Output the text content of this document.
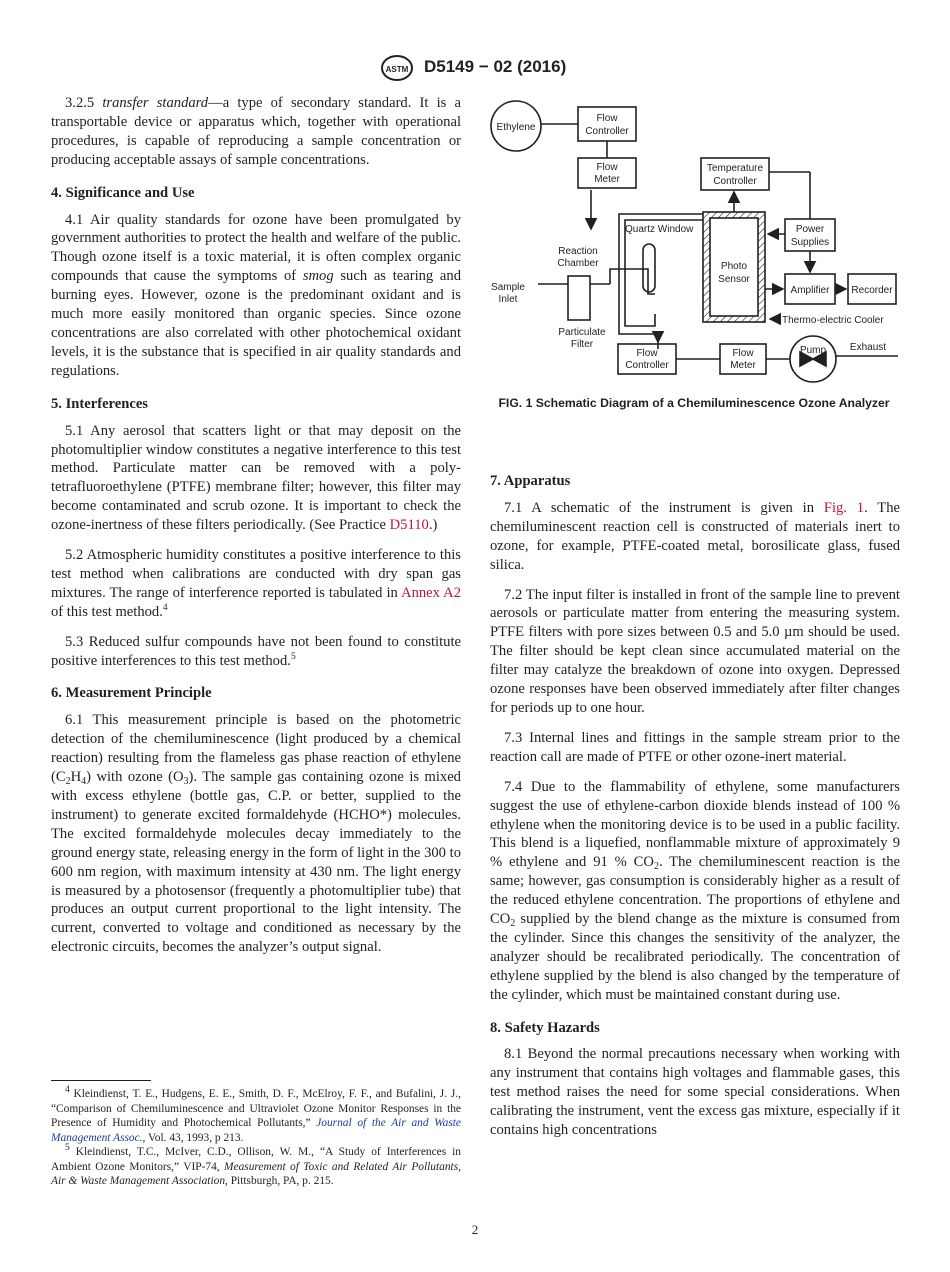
ASTM D5149 − 02 (2016)

3.2.5 transfer standard—a type of secondary standard. It is a transportable device or apparatus which, together with operational procedures, is capable of reproducing a sample concentration or producing acceptable assays of sample concentrations.

4. Significance and Use

4.1 Air quality standards for ozone have been promulgated by government authorities to protect the health and welfare of the public. Though ozone itself is a toxic material, it is often complex organic compounds that cause the symptoms of smog such as tearing and burning eyes. However, ozone is the predominant oxidant and is much more easily monitored than organic species. Since ozone concentrations are also correlated with other photochemical oxidant levels, it is the substance that is specified in air quality standards and regulations.

5. Interferences

5.1 Any aerosol that scatters light or that may deposit on the photomultiplier window constitutes a negative interference to this test method. Particulate matter can be removed with a poly-tetrafluoroethylene (PTFE) membrane filter; however, this filter may become contaminated and scrub ozone. It is important to check the ozone-inertness of these filters periodically. (See Practice D5110.)

5.2 Atmospheric humidity constitutes a positive interference to this test method when calibrations are conducted with dry span gas mixtures. The range of interference reported is tabulated in Annex A2 of this test method.$^4$

5.3 Reduced sulfur compounds have not been found to constitute positive interferences to this test method.$^5$

6. Measurement Principle

6.1 This measurement principle is based on the photometric detection of the chemiluminescence (light produced by a chemical reaction) resulting from the flameless gas phase reaction of ethylene $(C_2H_4)$ with ozone $(O_3)$. The sample gas containing ozone is mixed with excess ethylene (bottle gas, C.P. or better, supplied to the instrument) to generate excited formaldehyde (HCHO*) molecules. The excited formaldehyde molecules decay immediately to the ground energy state, releasing energy in the form of light in the 300 to 600 nm region, with maximum intensity at 430 nm. The light energy is measured by a photosensor (frequently a photomultiplier tube) that produces an output current proportional to the light intensity. The current, converted to voltage and conditioned as necessary by the electronic circuits, becomes the analyzer’s output signal.

$^4$ Kleindienst, T. E., Hudgens, E. E., Smith, D. F., McElroy, F. F., and Bufalini, J. J., “Comparison of Chemiluminescence and Ultraviolet Ozone Monitor Responses in the Presence of Humidity and Photochemical Pollutants,” Journal of the Air and Waste Management Assoc., Vol. 43, 1993, p 213.

$^5$ Kleindienst, T.C., McIver, C.D., Ollison, W. M., “A Study of Interferences in Ambient Ozone Monitors,” VIP-74, Measurement of Toxic and Related Air Pollutants, Air & Waste Management Association, Pittsburgh, PA, p. 215.

Ethylene
Flow
Controller
Flow
Meter
Temperature
Controller
Quartz Window	Power
Supplies
Reaction
Chamber	Photo
Sensor
Sample
Inlet
Amplifier Recorder
Thermo-electric Cooler
Particulate
Filter
Flow
Controller
Flow
Meter
Pump Exhaust
FIG. 1 Schematic Diagram of a Chemiluminescence Ozone Analyzer
7. Apparatus

7.1 A schematic of the instrument is given in Fig. 1. The chemiluminescent reaction cell is constructed of materials inert to ozone, for example, PTFE-coated metal, borosilicate glass, fused silica.

7.2 The input filter is installed in front of the sample line to prevent aerosols or particulate matter from entering the measuring system. PTFE filters with pore sizes between 0.5 and 5.0 µm should be used. The filter should be kept clean since accumulated material on the filter may catalyze the breakdown of ozone into oxygen. Depressed ozone responses have been observed immediately after filter changes for periods up to one hour.

7.3 Internal lines and fittings in the sample stream prior to the reaction call are made of PTFE or other ozone-inert material.

7.4 Due to the flammability of ethylene, some manufacturers suggest the use of ethylene-carbon dioxide blends instead of 100 % ethylene when the monitoring device is to be used in a public facility. This blend is a liquefied, nonflammable mixture of approximately 9 % ethylene and 91 % $CO_2$. The chemiluminescent reaction is the same; however, gas consumption is considerably higher as a result of the reduced ethylene concentration. The proportions of ethylene and $CO_2$ supplied by the blend change as the mixture is consumed from the cylinder. Since this changes the sensitivity of the analyzer, the analyzer should be recalibrated periodically. The concentration of ethylene supplied by the blend is also changed by the temperature of the cylinder, which must be maintained constant during use.

8. Safety Hazards

8.1 Beyond the normal precautions necessary when working with any instrument that contains high voltages and flammable gases, this test method raises the need for some special considerations. When calibrating the instrument, vent the excess gas mixture, especially if it contains high concentrations

2
